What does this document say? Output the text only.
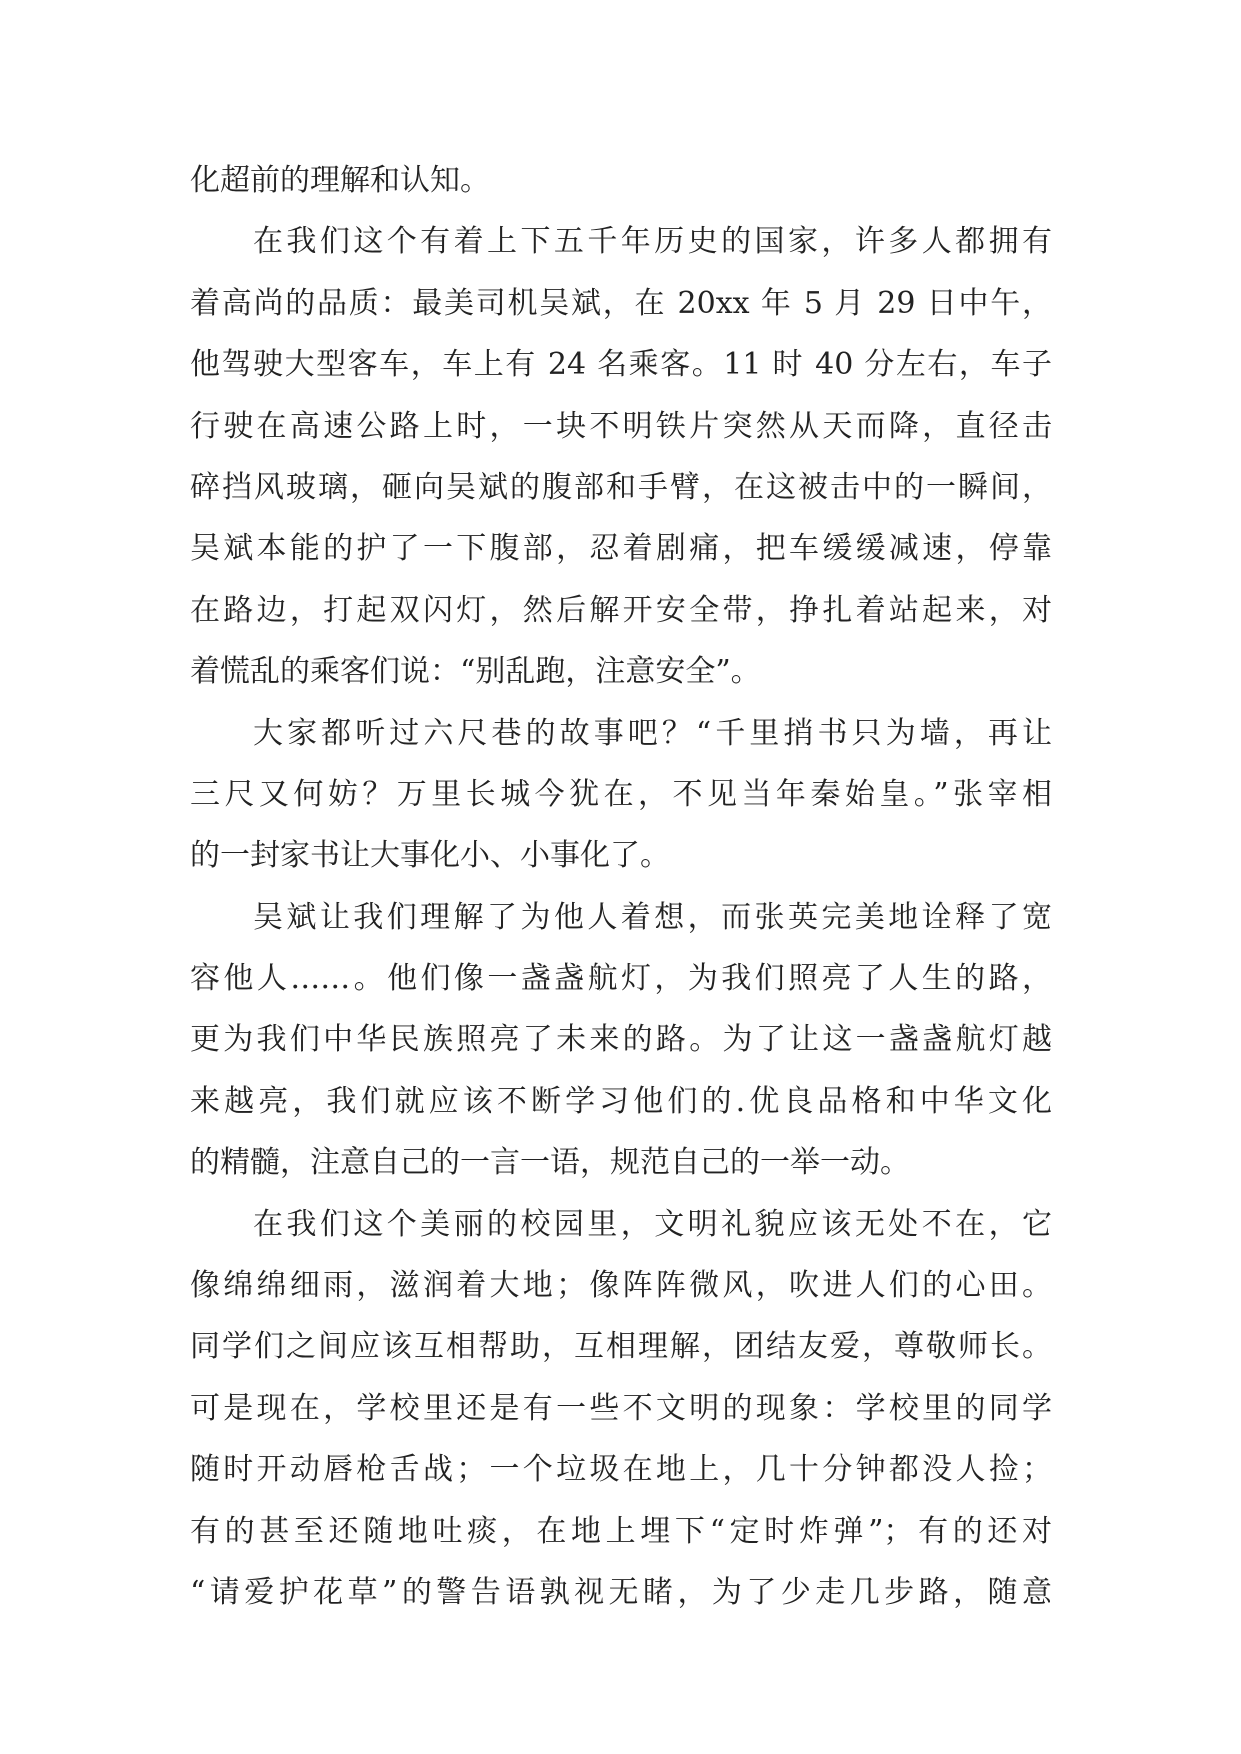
化超前的理解和认知。

在我们这个有着上下五千年历史的国家，许多人都拥有
着高尚的品质：最美司机吴斌，在 20xx 年 5 月 29 日中午，
他驾驶大型客车，车上有 24 名乘客。11 时 40 分左右，车子
行驶在高速公路上时，一块不明铁片突然从天而降，直径击
碎挡风玻璃，砸向吴斌的腹部和手臂，在这被击中的一瞬间，
吴斌本能的护了一下腹部，忍着剧痛，把车缓缓减速，停靠
在路边，打起双闪灯，然后解开安全带，挣扎着站起来，对
着慌乱的乘客们说：“别乱跑，注意安全”。

大家都听过六尺巷的故事吧？“千里捎书只为墙，再让
三尺又何妨？万里长城今犹在，不见当年秦始皇。”张宰相
的一封家书让大事化小、小事化了。

吴斌让我们理解了为他人着想，而张英完美地诠释了宽
容他人……。他们像一盏盏航灯，为我们照亮了人生的路，
更为我们中华民族照亮了未来的路。为了让这一盏盏航灯越
来越亮，我们就应该不断学习他们的.优良品格和中华文化
的精髓，注意自己的一言一语，规范自己的一举一动。

在我们这个美丽的校园里，文明礼貌应该无处不在，它
像绵绵细雨，滋润着大地；像阵阵微风，吹进人们的心田。
同学们之间应该互相帮助，互相理解，团结友爱，尊敬师长。
可是现在，学校里还是有一些不文明的现象：学校里的同学
随时开动唇枪舌战；一个垃圾在地上，几十分钟都没人捡；
有的甚至还随地吐痰，在地上埋下“定时炸弹”；有的还对
“请爱护花草”的警告语孰视无睹，为了少走几步路，随意
